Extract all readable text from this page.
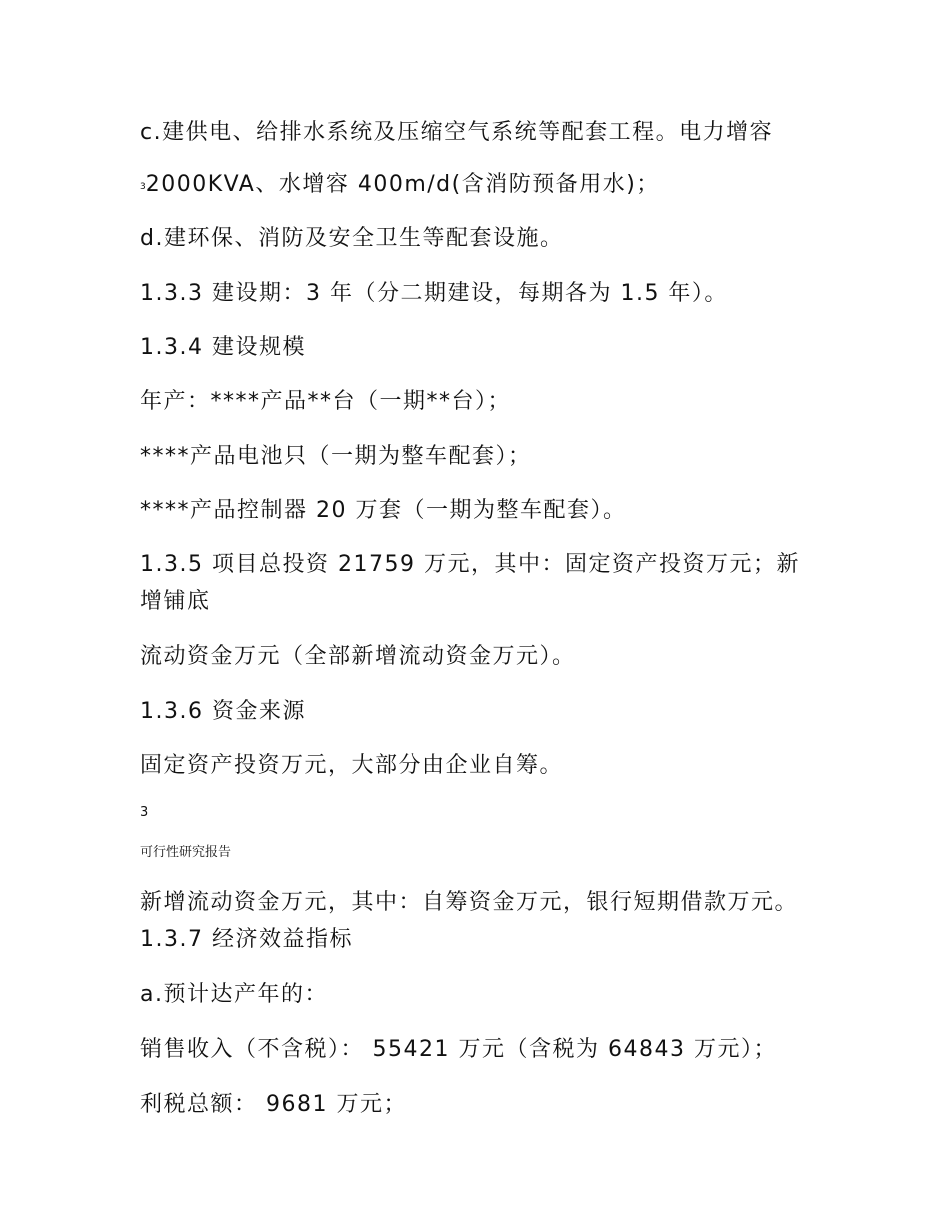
c.建供电、给排水系统及压缩空气系统等配套工程。电力增容
32000KVA、水增容 400m/d(含消防预备用水)；
d.建环保、消防及安全卫生等配套设施。
1.3.3 建设期：3 年（分二期建设，每期各为 1.5 年）。
1.3.4 建设规模
年产：****产品**台（一期**台）；
****产品电池只（一期为整车配套）；
****产品控制器 20 万套（一期为整车配套）。
1.3.5 项目总投资 21759 万元，其中：固定资产投资万元；新
增铺底
流动资金万元（全部新增流动资金万元）。
1.3.6 资金来源
固定资产投资万元，大部分由企业自筹。
3
可行性研究报告
新增流动资金万元，其中：自筹资金万元，银行短期借款万元。
1.3.7 经济效益指标
a.预计达产年的：
销售收入（不含税）： 55421 万元（含税为 64843 万元）；
利税总额： 9681 万元；
